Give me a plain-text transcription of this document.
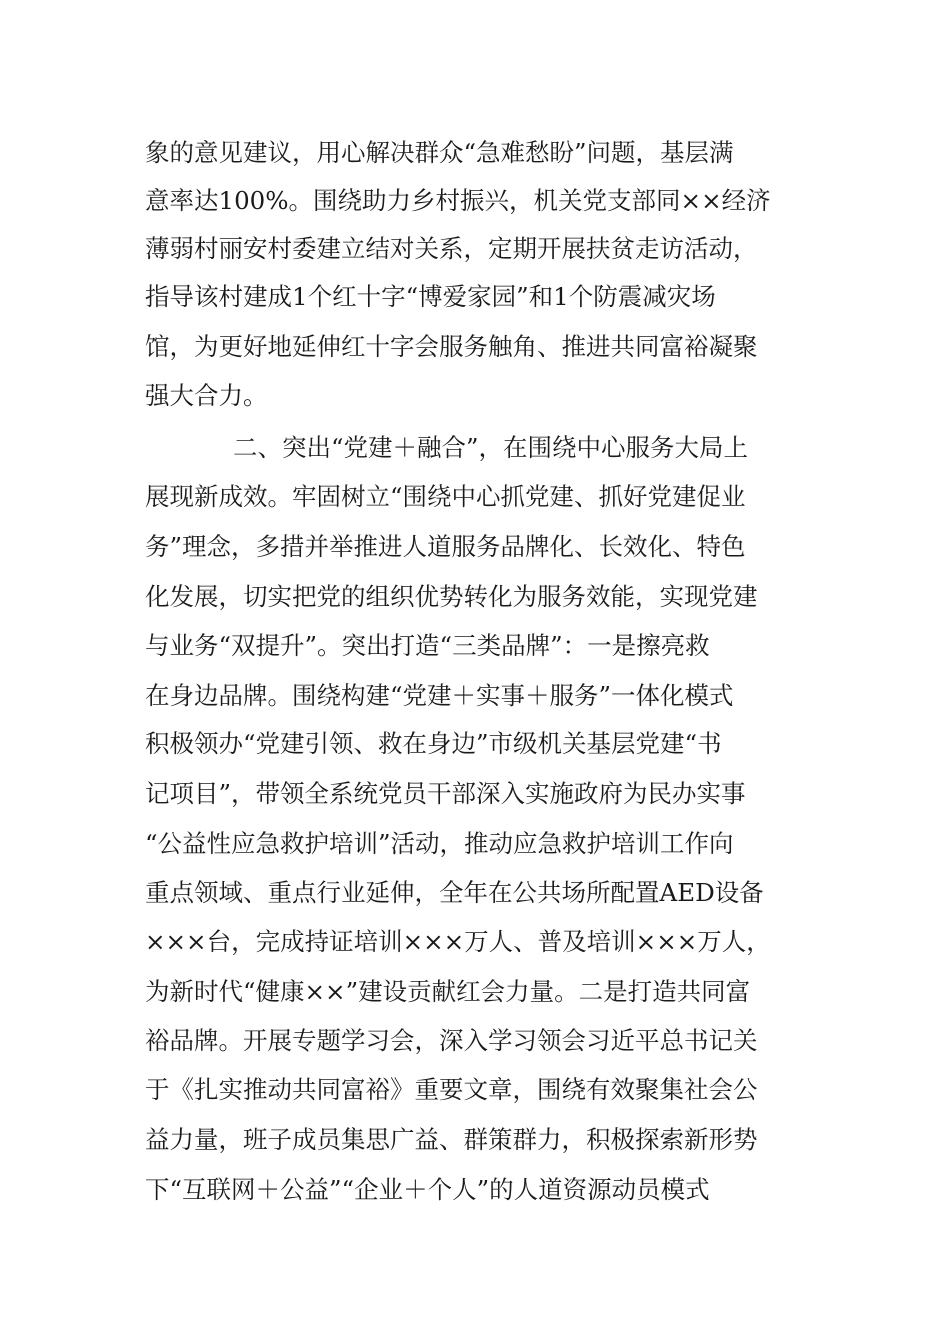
象的意见建议，用心解决群众“急难愁盼”问题，基层满
意率达100%。围绕助力乡村振兴，机关党支部同××经济
薄弱村丽安村委建立结对关系，定期开展扶贫走访活动，
指导该村建成1个红十字“博爱家园”和1个防震减灾场
馆，为更好地延伸红十字会服务触角、推进共同富裕凝聚
强大合力。
二、突出“党建＋融合”，在围绕中心服务大局上
展现新成效。牢固树立“围绕中心抓党建、抓好党建促业
务”理念，多措并举推进人道服务品牌化、长效化、特色
化发展，切实把党的组织优势转化为服务效能，实现党建
与业务“双提升”。突出打造“三类品牌”：一是擦亮救
在身边品牌。围绕构建“党建＋实事＋服务”一体化模式
积极领办“党建引领、救在身边”市级机关基层党建“书
记项目”，带领全系统党员干部深入实施政府为民办实事
“公益性应急救护培训”活动，推动应急救护培训工作向
重点领域、重点行业延伸，全年在公共场所配置AED设备
×××台，完成持证培训×××万人、普及培训×××万人，
为新时代“健康××”建设贡献红会力量。二是打造共同富
裕品牌。开展专题学习会，深入学习领会习近平总书记关
于《扎实推动共同富裕》重要文章，围绕有效聚集社会公
益力量，班子成员集思广益、群策群力，积极探索新形势
下“互联网＋公益”“企业＋个人”的人道资源动员模式
